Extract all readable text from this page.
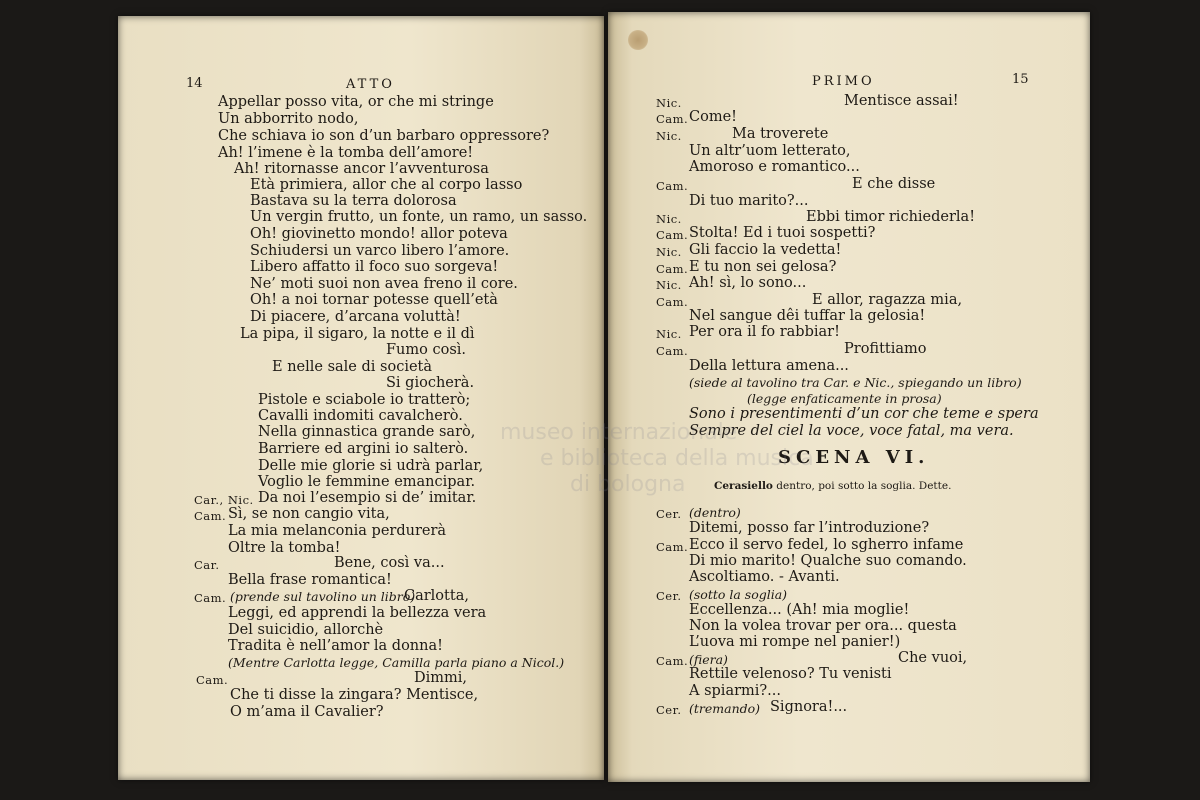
14	ATTO
Appellar posso vita, or che mi stringe
Un abborrito nodo,
Che schiava io son d’un barbaro oppressore?
Ah! l’imene è la tomba dell’amore!
Ah! ritornasse ancor l’avventurosa
Età primiera, allor che al corpo lasso
Bastava su la terra dolorosa
Un vergin frutto, un fonte, un ramo, un sasso.
Oh! giovinetto mondo! allor poteva
Schiudersi un varco libero l’amore.
Libero affatto il foco suo sorgeva!
Ne’ moti suoi non avea freno il core.
Oh! a noi tornar potesse quell’età
Di piacere, d’arcana voluttà!
La pipa, il sigaro, la notte e il dì
Fumo così.
E nelle sale di società
Si giocherà.
Pistole e sciabole io tratterò;
Cavalli indomiti cavalcherò.
Nella ginnastica grande sarò,
Barriere ed argini io salterò.
Delle mie glorie si udrà parlar,
Voglio le femmine emancipar.
Car., Nic. Da noi l’esempio si de’ imitar.
Cam. Sì, se non cangio vita,
La mia melanconia perdurerà
Oltre la tomba!
Car.	Bene, così va...
Bella frase romantica!
Cam. (prende sul tavolino un libro)
Carlotta,
Leggi, ed apprendi la bellezza vera
Del suicidio, allorchè
Tradita è nell’amor la donna!
(Mentre Carlotta legge, Camilla parla piano a Nicol.)
Cam.	Dimmi,
Che ti disse la zingara? Mentisce,
O m’ama il Cavalier?
PRIMO	15
Nic.	Mentisce assai!
Cam. Come!
Nic.	Ma troverete
Un altr’uom letterato,
Amoroso e romantico...
Cam.	E che disse
Di tuo marito?...
Nic.	Ebbi timor richiederla!
Cam. Stolta! Ed i tuoi sospetti?
Nic. Gli faccio la vedetta!
Cam. E tu non sei gelosa?
Nic. Ah! sì, lo sono...
Cam.	E allor, ragazza mia,
Nel sangue dêi tuffar la gelosia!
Nic. Per ora il fo rabbiar!
Cam.	Profittiamo
Della lettura amena...
(siede al tavolino tra Car. e Nic., spiegando un libro)
(legge enfaticamente in prosa)
Sono i presentimenti d’un cor che teme e spera
Sempre del ciel la voce, voce fatal, ma vera.
SCENA VI.
Cerasiello dentro, poi sotto la soglia. Dette.
Cer. (dentro)
Ditemi, posso far l’introduzione?
Cam. Ecco il servo fedel, lo sgherro infame
Di mio marito! Qualche suo comando.
Ascoltiamo. - Avanti.
Cer. (sotto la soglia)
Eccellenza... (Ah! mia moglie!
Non la volea trovar per ora... questa
L’uova mi rompe nel panier!)
Cam. (fiera)	Che vuoi,
Rettile velenoso? Tu venisti
A spiarmi?...
Cer. (tremando) Signora!...
museo internazionale
e biblioteca della musica
di bologna
